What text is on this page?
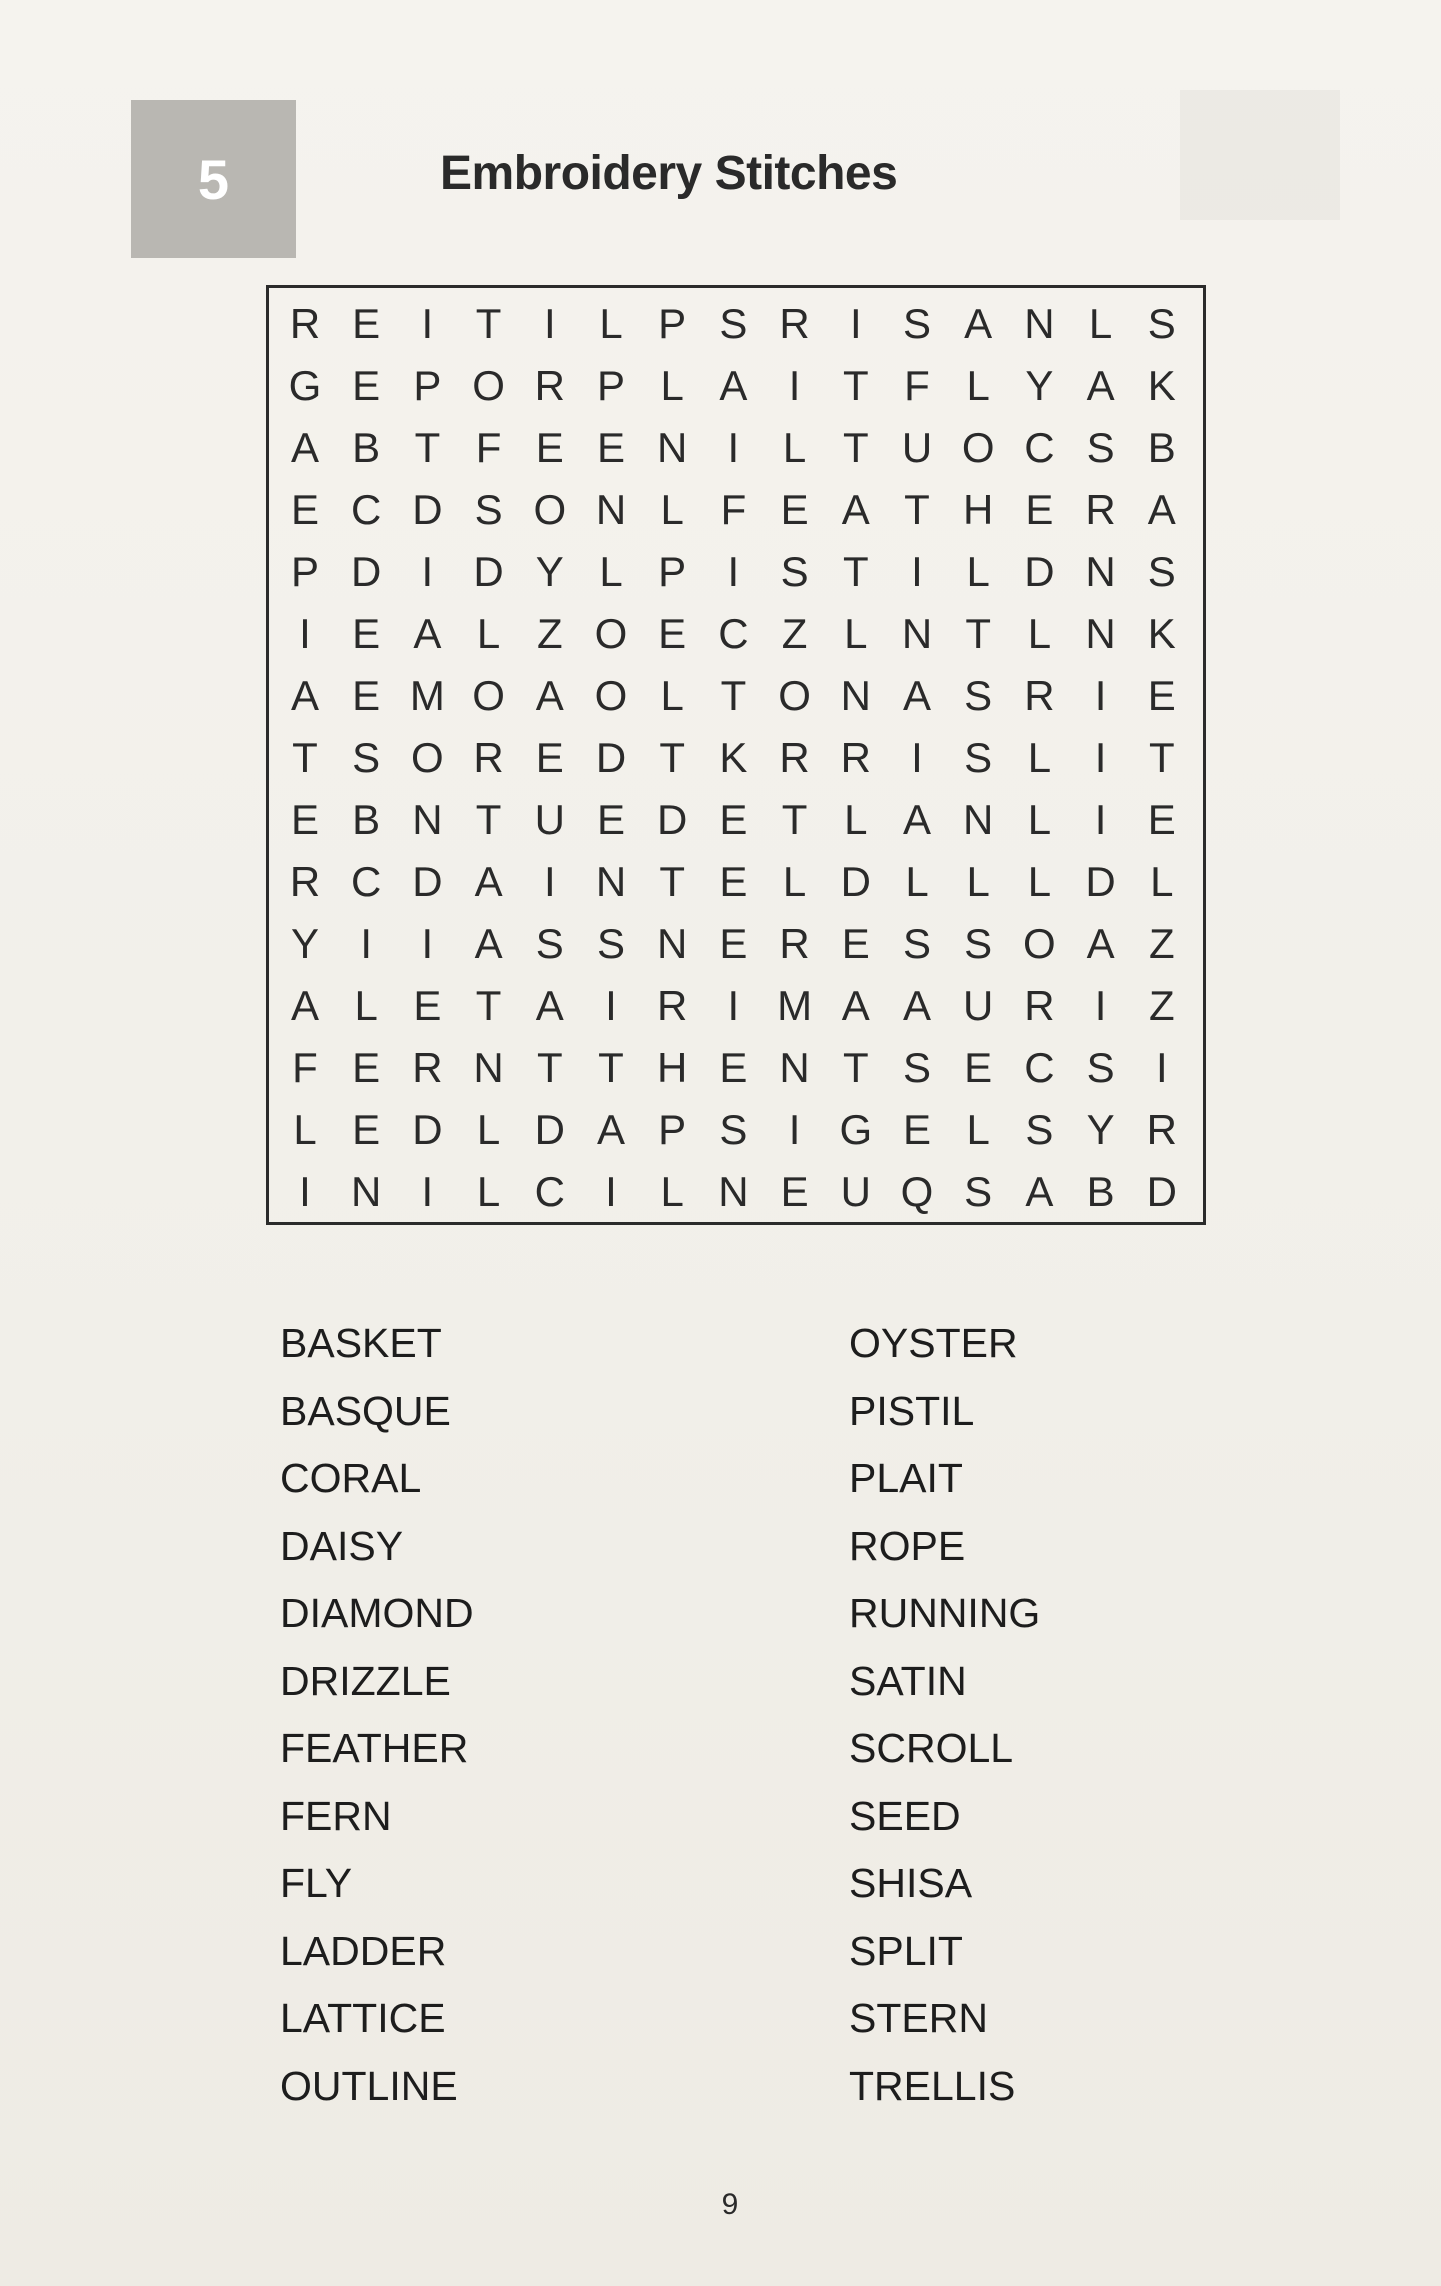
5	Embroidery Stitches
R E I	T	I	L P S R I S A N L S
G E P O R P L A I	T F L Y A K
A B T F E E N I	L T U O C S B
E C D S O N L F E A T H E R A
P D I D Y L P I S T	I	L D N S
I E A L Z O E C Z L N T L N K
A E M O A O L T O N A S R I E
T S O R E D T K R R I S L	I	T
E B N T U E D E T L A N L	I E
R C D A I N T E L D L L L D L
Y I	I A S S N E R E S S O A Z
A L E T A I R I M A A U R I	Z
F E R N T T H E N T S E C S I
L E D L D A P S I G E L S Y R
I N I	L C I	L N E U Q S A B D
BASKET
BASQUE
CORAL
DAISY
DIAMOND
DRIZZLE
FEATHER
FERN
FLY
LADDER
LATTICE
OUTLINE
OYSTER
PISTIL
PLAIT
ROPE
RUNNING
SATIN
SCROLL
SEED
SHISA
SPLIT
STERN
TRELLIS
9
